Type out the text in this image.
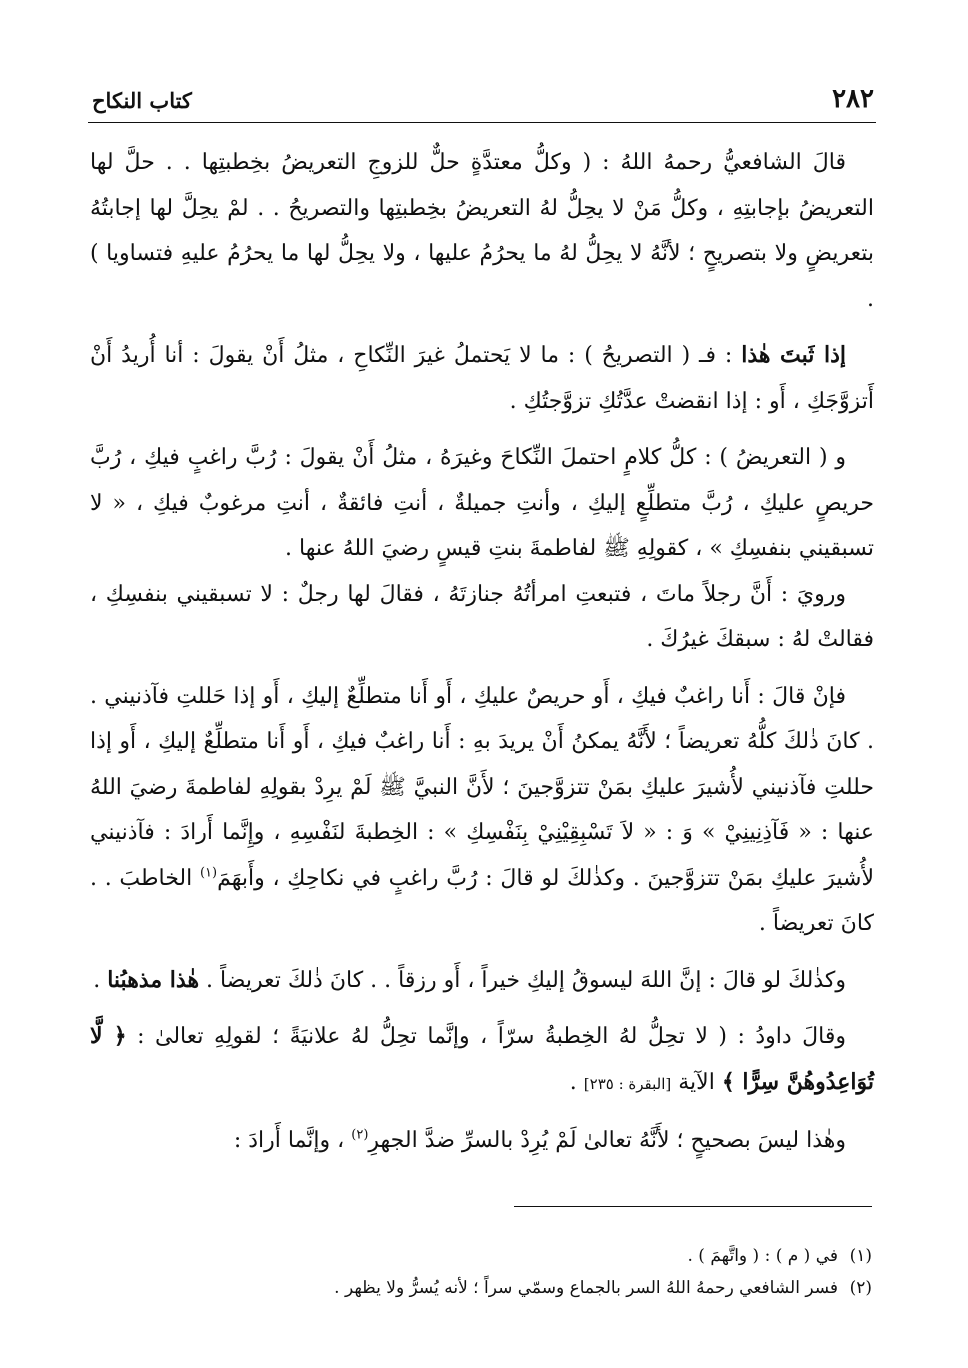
٢٨٢
كتاب النكاح

قالَ الشافعيُّ رحمهُ اللهُ : ( وكلُّ معتدَّةٍ حلٌّ للزوجِ التعريضُ بخِطبتِها . . حلَّ لها التعريضُ بإجابتِهِ ، وكلُّ مَنْ لا يحِلُّ لهُ التعريضُ بخِطبتِها والتصريحُ . . لمْ يحِلَّ لها إجابتُهُ بتعريضٍ ولا بتصريحٍ ؛ لأنَّهُ لا يحِلُّ لهُ ما يحرُمُ عليها ، ولا يحِلُّ لها ما يحرُمُ عليهِ فتساويا ) .

إذا ثَبتَ هٰذا : فـ ( التصريحُ ) : ما لا يَحتملُ غيرَ النِّكاحِ ، مثلُ أَنْ يقولَ : أنا أُريدُ أَنْ أَتزوَّجَكِ ، أَو : إذا انقضتْ عدَّتُكِ تزوَّجتُكِ .

و ( التعريضُ ) : كلُّ كلامٍ احتملَ النِّكاحَ وغيرَهُ ، مثلُ أَنْ يقولَ : رُبَّ راغبٍ فيكِ ، رُبَّ حريصٍ عليكِ ، رُبَّ متطلِّعٍ إليكِ ، وأنتِ جميلةٌ ، أنتِ فائقةٌ ، أنتِ مرغوبٌ فيكِ ، « لا تسبقيني بنفسِكِ » ، كقولِهِ ﷺ لفاطمةَ بنتِ قيسٍ رضيَ اللهُ عنها .

ورويَ : أَنَّ رجلاً ماتَ ، فتبعتِ امرأتُهُ جنازتَهُ ، فقالَ لها رجلٌ : لا تسبقيني بنفسِكِ ، فقالتْ لهُ : سبقكَ غيرُكَ .

فإنْ قالَ : أَنا راغبٌ فيكِ ، أَو حريصٌ عليكِ ، أَو أَنا متطلِّعٌ إليكِ ، أَو إذا حَللتِ فآذنيني . . كانَ ذٰلكَ كلُّهُ تعريضاً ؛ لأَنَّهُ يمكنُ أَنْ يريدَ بهِ : أَنا راغبٌ فيكِ ، أَو أَنا متطلِّعٌ إليكِ ، أَو إذا حللتِ فآذنيني لأُشيرَ عليكِ بمَنْ تتزوَّجينَ ؛ لأَنَّ النبيَّ ﷺ لَمْ يرِدْ بقولِهِ لفاطمةَ رضيَ اللهُ عنها : « فَآذِنِينِيْ » وَ : « لاَ تَسْبِقِيْنِيْ بِنَفْسِكِ » : الخِطبةَ لنَفْسِهِ ، وإِنَّما أَرادَ : فآذنيني لأُشيرَ عليكِ بمَنْ تتزوَّجينَ . وكذٰلكَ لو قالَ : رُبَّ راغبٍ في نكاحِكِ ، وأَبهَمَ$^{(١)}$ الخاطبَ . . كانَ تعريضاً .

وكذٰلكَ لو قالَ : إنَّ اللهَ ليسوقُ إليكِ خيراً ، أَو رزقاً . . كانَ ذٰلكَ تعريضاً . هٰذا مذهبُنا .

وقالَ داودُ : ( لا تحِلُّ لهُ الخِطبةُ سرّاً ، وإنَّما تحِلُّ لهُ علانيَةً ؛ لقولِهِ تعالىٰ : ﴿ لَّا تُوَاعِدُوهُنَّ سِرًّا ﴾ الآية [البقرة : ٢٣٥] .

وهٰذا ليسَ بصحيحٍ ؛ لأَنَّهُ تعالىٰ لَمْ يُرِدْ بالسرِّ ضدَّ الجهرِ$^{(٢)}$ ، وإنَّما أَرادَ :

(١)في ( م ) : ( واتَّهمَ ) .

(٢)فسر الشافعي رحمهُ اللهُ السر بالجماع وسمّي سراً ؛ لأنه يُسرُّ ولا يظهر .
